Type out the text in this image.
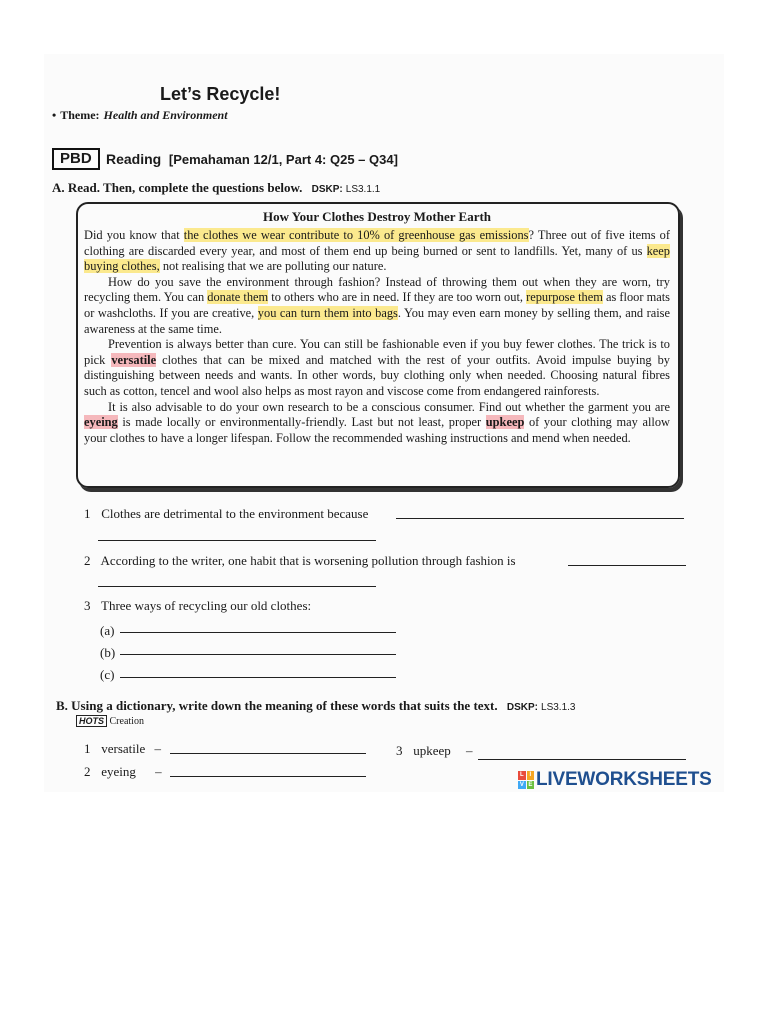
Let’s Recycle!
• Theme: Health and Environment
PBD	Reading [Pemahaman 12/1, Part 4: Q25 – Q34]
A. Read. Then, complete the questions below. DSKP: LS3.1.1
How Your Clothes Destroy Mother Earth

Did you know that the clothes we wear contribute to 10% of greenhouse gas emissions? Three out of five items of clothing are discarded every year, and most of them end up being burned or sent to landfills. Yet, many of us keep buying clothes, not realising that we are polluting our nature.

How do you save the environment through fashion? Instead of throwing them out when they are worn, try recycling them. You can donate them to others who are in need. If they are too worn out, repurpose them as floor mats or washcloths. If you are creative, you can turn them into bags. You may even earn money by selling them, and raise awareness at the same time.

Prevention is always better than cure. You can still be fashionable even if you buy fewer clothes. The trick is to pick versatile clothes that can be mixed and matched with the rest of your outfits. Avoid impulse buying by distinguishing between needs and wants. In other words, buy clothing only when needed. Choosing natural fibres such as cotton, tencel and wool also helps as most rayon and viscose come from endangered rainforests.

It is also advisable to do your own research to be a conscious consumer. Find out whether the garment you are eyeing is made locally or environmentally-friendly. Last but not least, proper upkeep of your clothing may allow your clothes to have a longer lifespan. Follow the recommended washing instructions and mend when needed.

1 Clothes are detrimental to the environment because
2 According to the writer, one habit that is worsening pollution through fashion is
3 Three ways of recycling our old clothes:
(a)
(b)
(c)
B. Using a dictionary, write down the meaning of these words that suits the text. DSKP: LS3.1.3
HOTS Creation
1 versatile –
2 eyeing –
3 upkeep –
L	I
V E LIVEWORKSHEETS
